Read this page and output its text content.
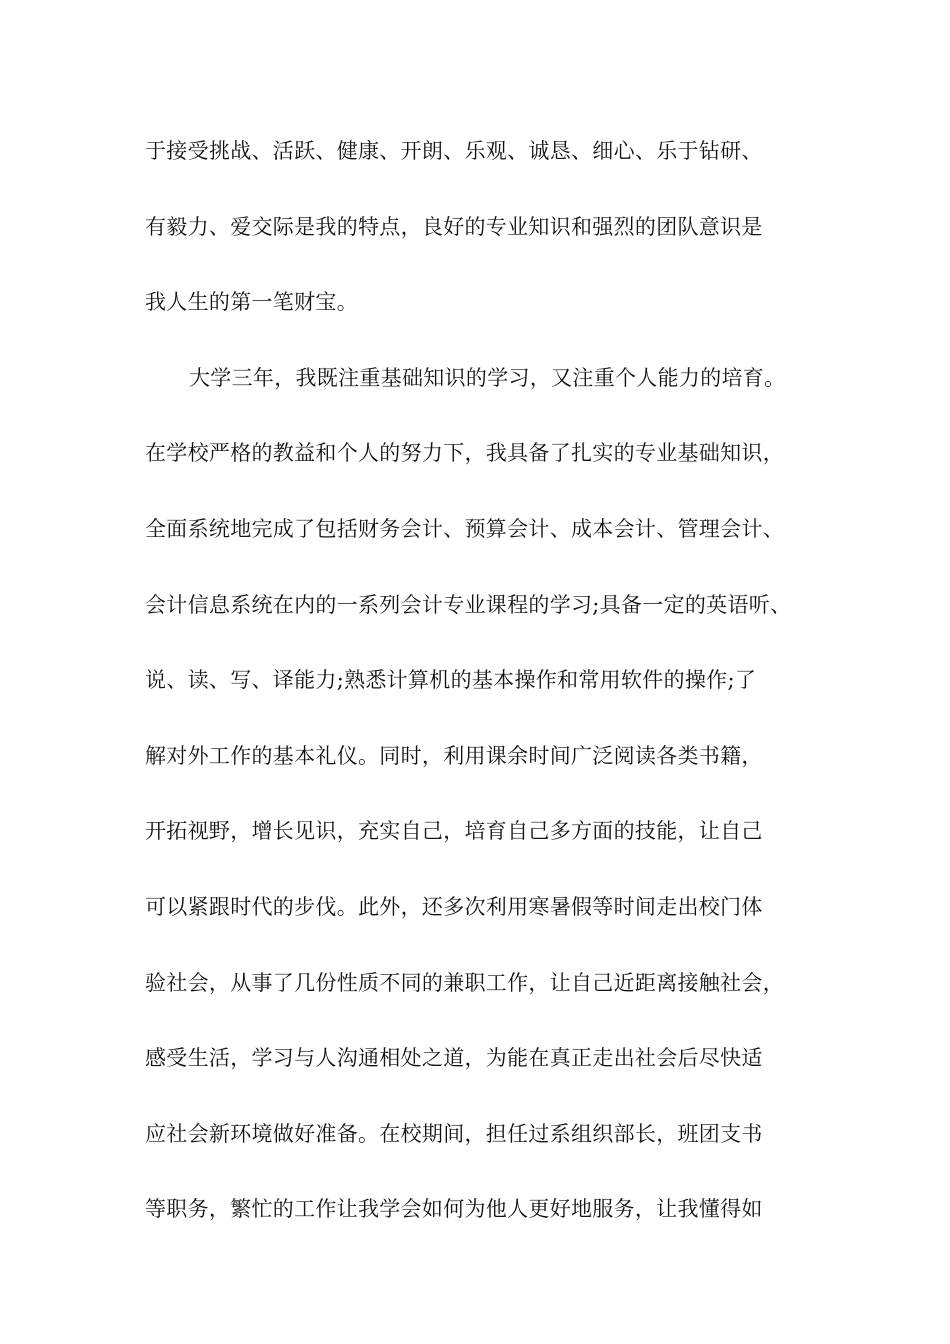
于接受挑战、活跃、健康、开朗、乐观、诚恳、细心、乐于钻研、
有毅力、爱交际是我的特点，良好的专业知识和强烈的团队意识是
我人生的第一笔财宝。
大学三年，我既注重基础知识的学习，又注重个人能力的培育。
在学校严格的教益和个人的努力下，我具备了扎实的专业基础知识，
全面系统地完成了包括财务会计、预算会计、成本会计、管理会计、
会计信息系统在内的一系列会计专业课程的学习;具备一定的英语听、
说、读、写、译能力;熟悉计算机的基本操作和常用软件的操作;了
解对外工作的基本礼仪。同时，利用课余时间广泛阅读各类书籍，
开拓视野，增长见识，充实自己，培育自己多方面的技能，让自己
可以紧跟时代的步伐。此外，还多次利用寒暑假等时间走出校门体
验社会，从事了几份性质不同的兼职工作，让自己近距离接触社会，
感受生活，学习与人沟通相处之道，为能在真正走出社会后尽快适
应社会新环境做好准备。在校期间，担任过系组织部长，班团支书
等职务，繁忙的工作让我学会如何为他人更好地服务，让我懂得如
